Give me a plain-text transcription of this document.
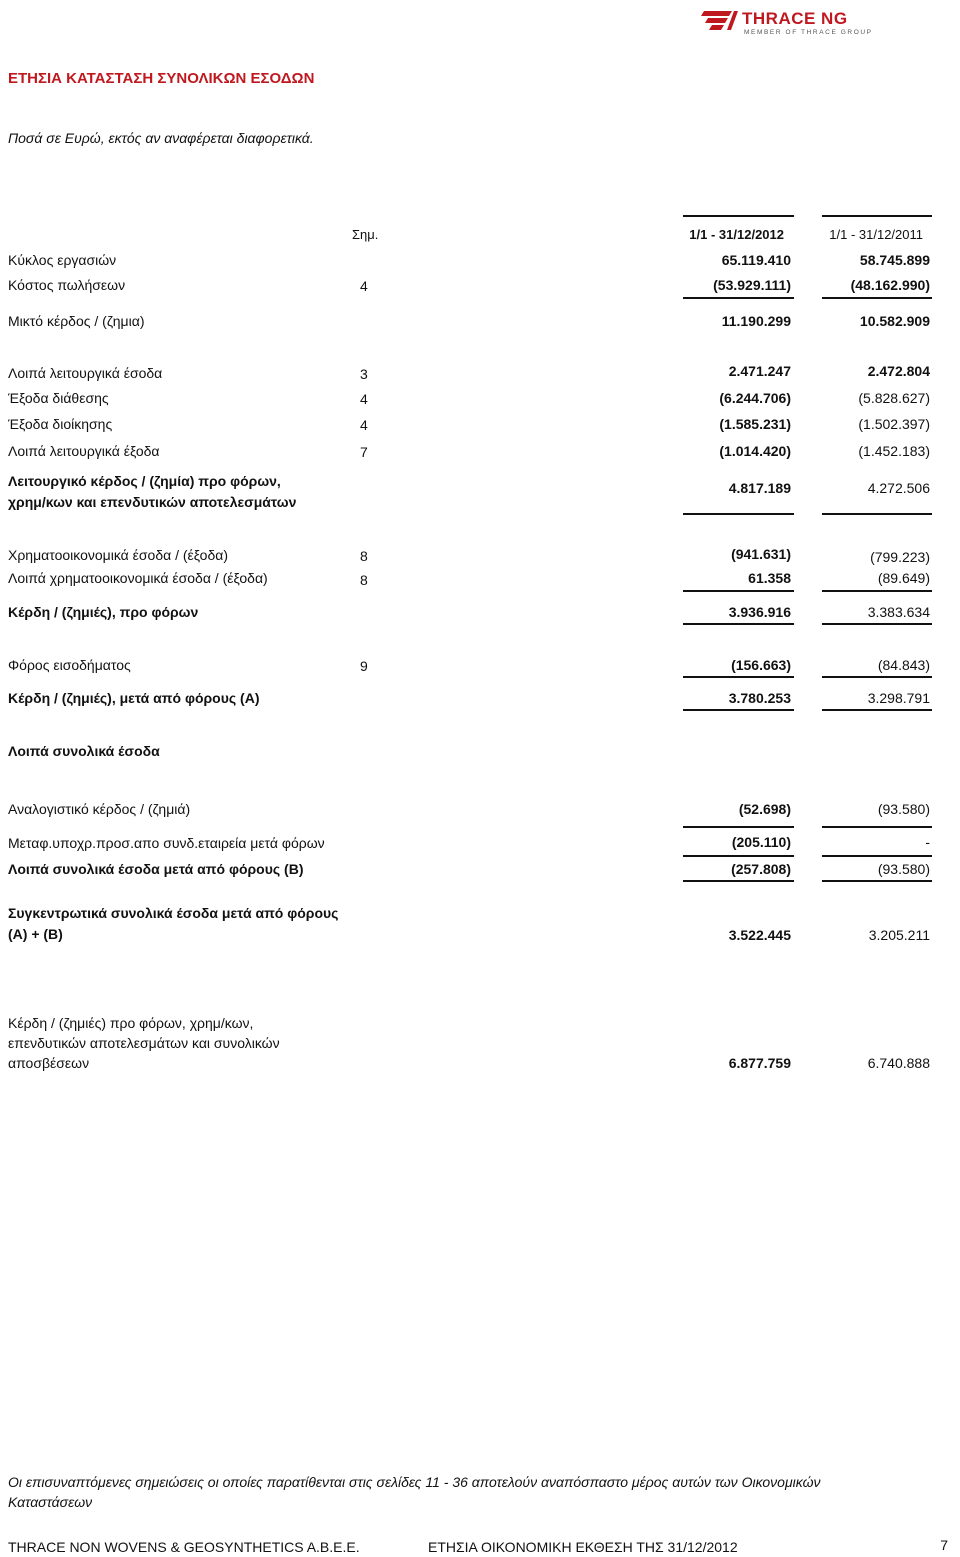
THRACE NG
MEMBER OF THRACE GROUP
ΕΤΗΣΙΑ ΚΑΤΑΣΤΑΣΗ ΣΥΝΟΛΙΚΩΝ ΕΣΟΔΩΝ
Ποσά σε Ευρώ, εκτός αν αναφέρεται διαφορετικά.
Σημ.	1/1 - 31/12/2012	1/1 - 31/12/2011
Κύκλος εργασιών	65.119.410	58.745.899
Κόστος πωλήσεων	4	(53.929.111)	(48.162.990)
Μικτό κέρδος / (ζημια)	11.190.299	10.582.909
Λοιπά λειτουργικά έσοδα	3	2.471.247	2.472.804
Έξοδα διάθεσης	4	(6.244.706)	(5.828.627)
Έξοδα διοίκησης	4	(1.585.231)	(1.502.397)
Λοιπά λειτουργικά έξοδα	7	(1.014.420)	(1.452.183)
Λειτουργικό κέρδος / (ζημία) προ φόρων,
χρημ/κων και επενδυτικών αποτελεσμάτων
4.817.189	4.272.506
Χρηματοοικονομικά έσοδα / (έξοδα)	8	(941.631)	(799.223)
Λοιπά χρηματοοικονομικά έσοδα / (έξοδα)	8	61.358	(89.649)
Κέρδη / (ζημιές), προ φόρων	3.936.916	3.383.634
Φόρος εισοδήματος	9	(156.663)	(84.843)
Κέρδη / (ζημιές), μετά από φόρους (Α)	3.780.253	3.298.791
Λοιπά συνολικά έσοδα
Αναλογιστικό κέρδος / (ζημιά)	(52.698)	(93.580)
Μεταφ.υποχρ.προσ.απο συνδ.εταιρεία μετά φόρων	(205.110)	-
Λοιπά συνολικά έσοδα μετά από φόρους (Β)	(257.808)	(93.580)
Συγκεντρωτικά συνολικά έσοδα μετά από φόρους
(Α) + (Β)	3.522.445	3.205.211
Κέρδη / (ζημιές) προ φόρων, χρημ/κων,
επενδυτικών αποτελεσμάτων και συνολικών
αποσβέσεων	6.877.759	6.740.888
Οι επισυναπτόμενες σημειώσεις οι οποίες παρατίθενται στις σελίδες 11 - 36 αποτελούν αναπόσπαστο μέρος αυτών των Οικονομικών
Καταστάσεων
THRACE NON WOVENS & GEOSYNTHETICS A.B.E.E.	ΕΤΗΣΙΑ ΟΙΚΟΝΟΜΙΚΗ ΕΚΘΕΣΗ ΤΗΣ 31/12/2012	7
